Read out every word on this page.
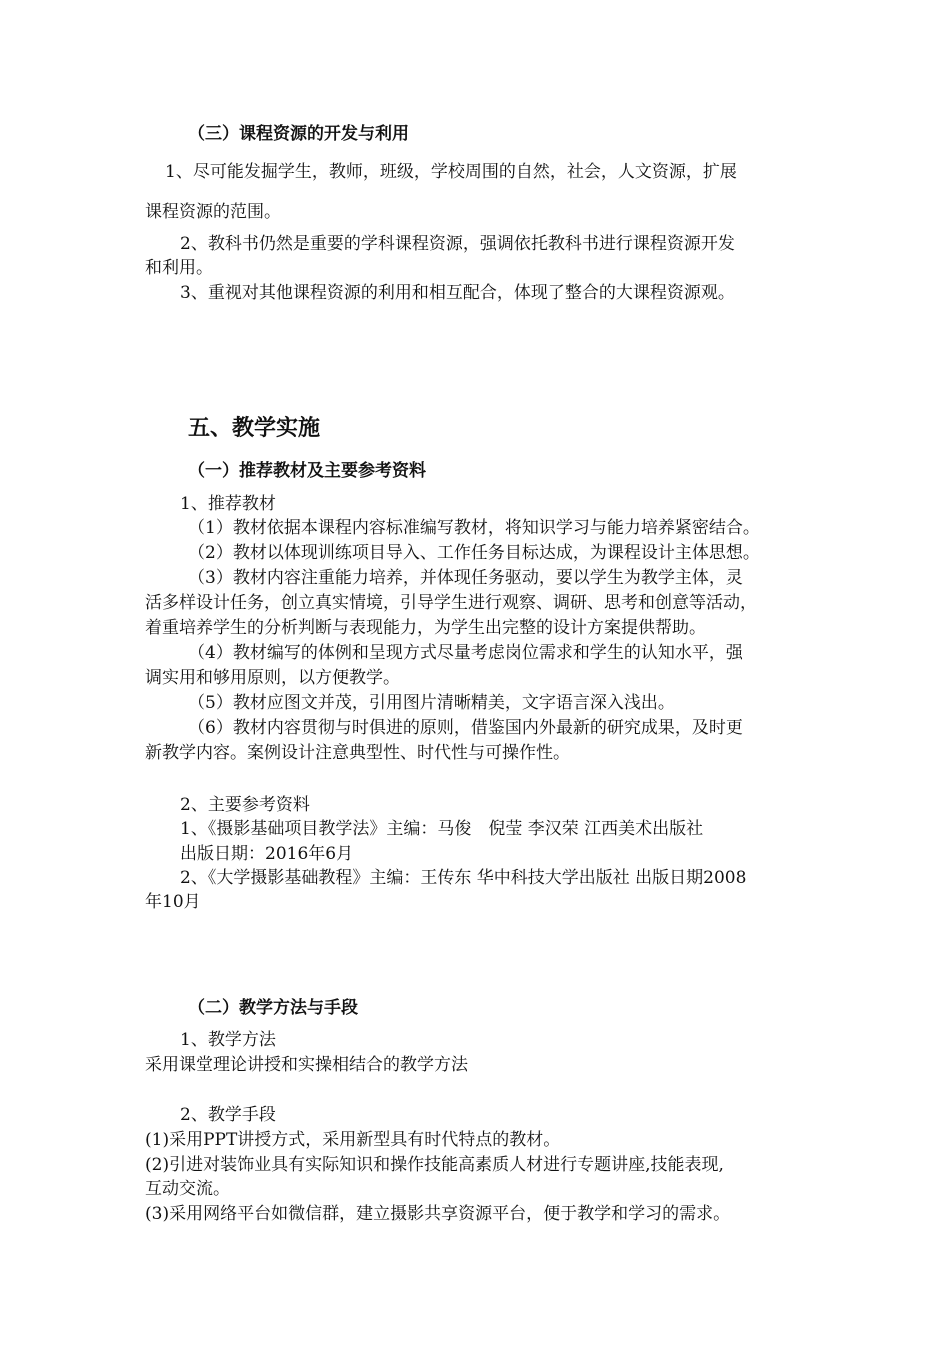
（三）课程资源的开发与利用
1、尽可能发掘学生，教师，班级，学校周围的自然，社会，人文资源，扩展
课程资源的范围。
2、教科书仍然是重要的学科课程资源，强调依托教科书进行课程资源开发
和利用。
3、重视对其他课程资源的利用和相互配合，体现了整合的大课程资源观。
五、教学实施
（一）推荐教材及主要参考资料
1、推荐教材
（1）教材依据本课程内容标准编写教材，将知识学习与能力培养紧密结合。
（2）教材以体现训练项目导入、工作任务目标达成，为课程设计主体思想。
（3）教材内容注重能力培养，并体现任务驱动，要以学生为教学主体，灵
活多样设计任务，创立真实情境，引导学生进行观察、调研、思考和创意等活动，
着重培养学生的分析判断与表现能力，为学生出完整的设计方案提供帮助。
（4）教材编写的体例和呈现方式尽量考虑岗位需求和学生的认知水平，强
调实用和够用原则，以方便教学。
（5）教材应图文并茂，引用图片清晰精美，文字语言深入浅出。
（6）教材内容贯彻与时俱进的原则，借鉴国内外最新的研究成果，及时更
新教学内容。案例设计注意典型性、时代性与可操作性。
2、主要参考资料
1、《摄影基础项目教学法》主编：马俊　倪莹 李汉荣 江西美术出版社
出版日期：2016年6月
2、《大学摄影基础教程》主编：王传东 华中科技大学出版社 出版日期2008
年10月
（二）教学方法与手段
1、教学方法
采用课堂理论讲授和实操相结合的教学方法
2、教学手段
(1)采用PPT讲授方式，采用新型具有时代特点的教材。
(2)引进对装饰业具有实际知识和操作技能高素质人材进行专题讲座,技能表现,
互动交流。
(3)采用网络平台如微信群，建立摄影共享资源平台，便于教学和学习的需求。
